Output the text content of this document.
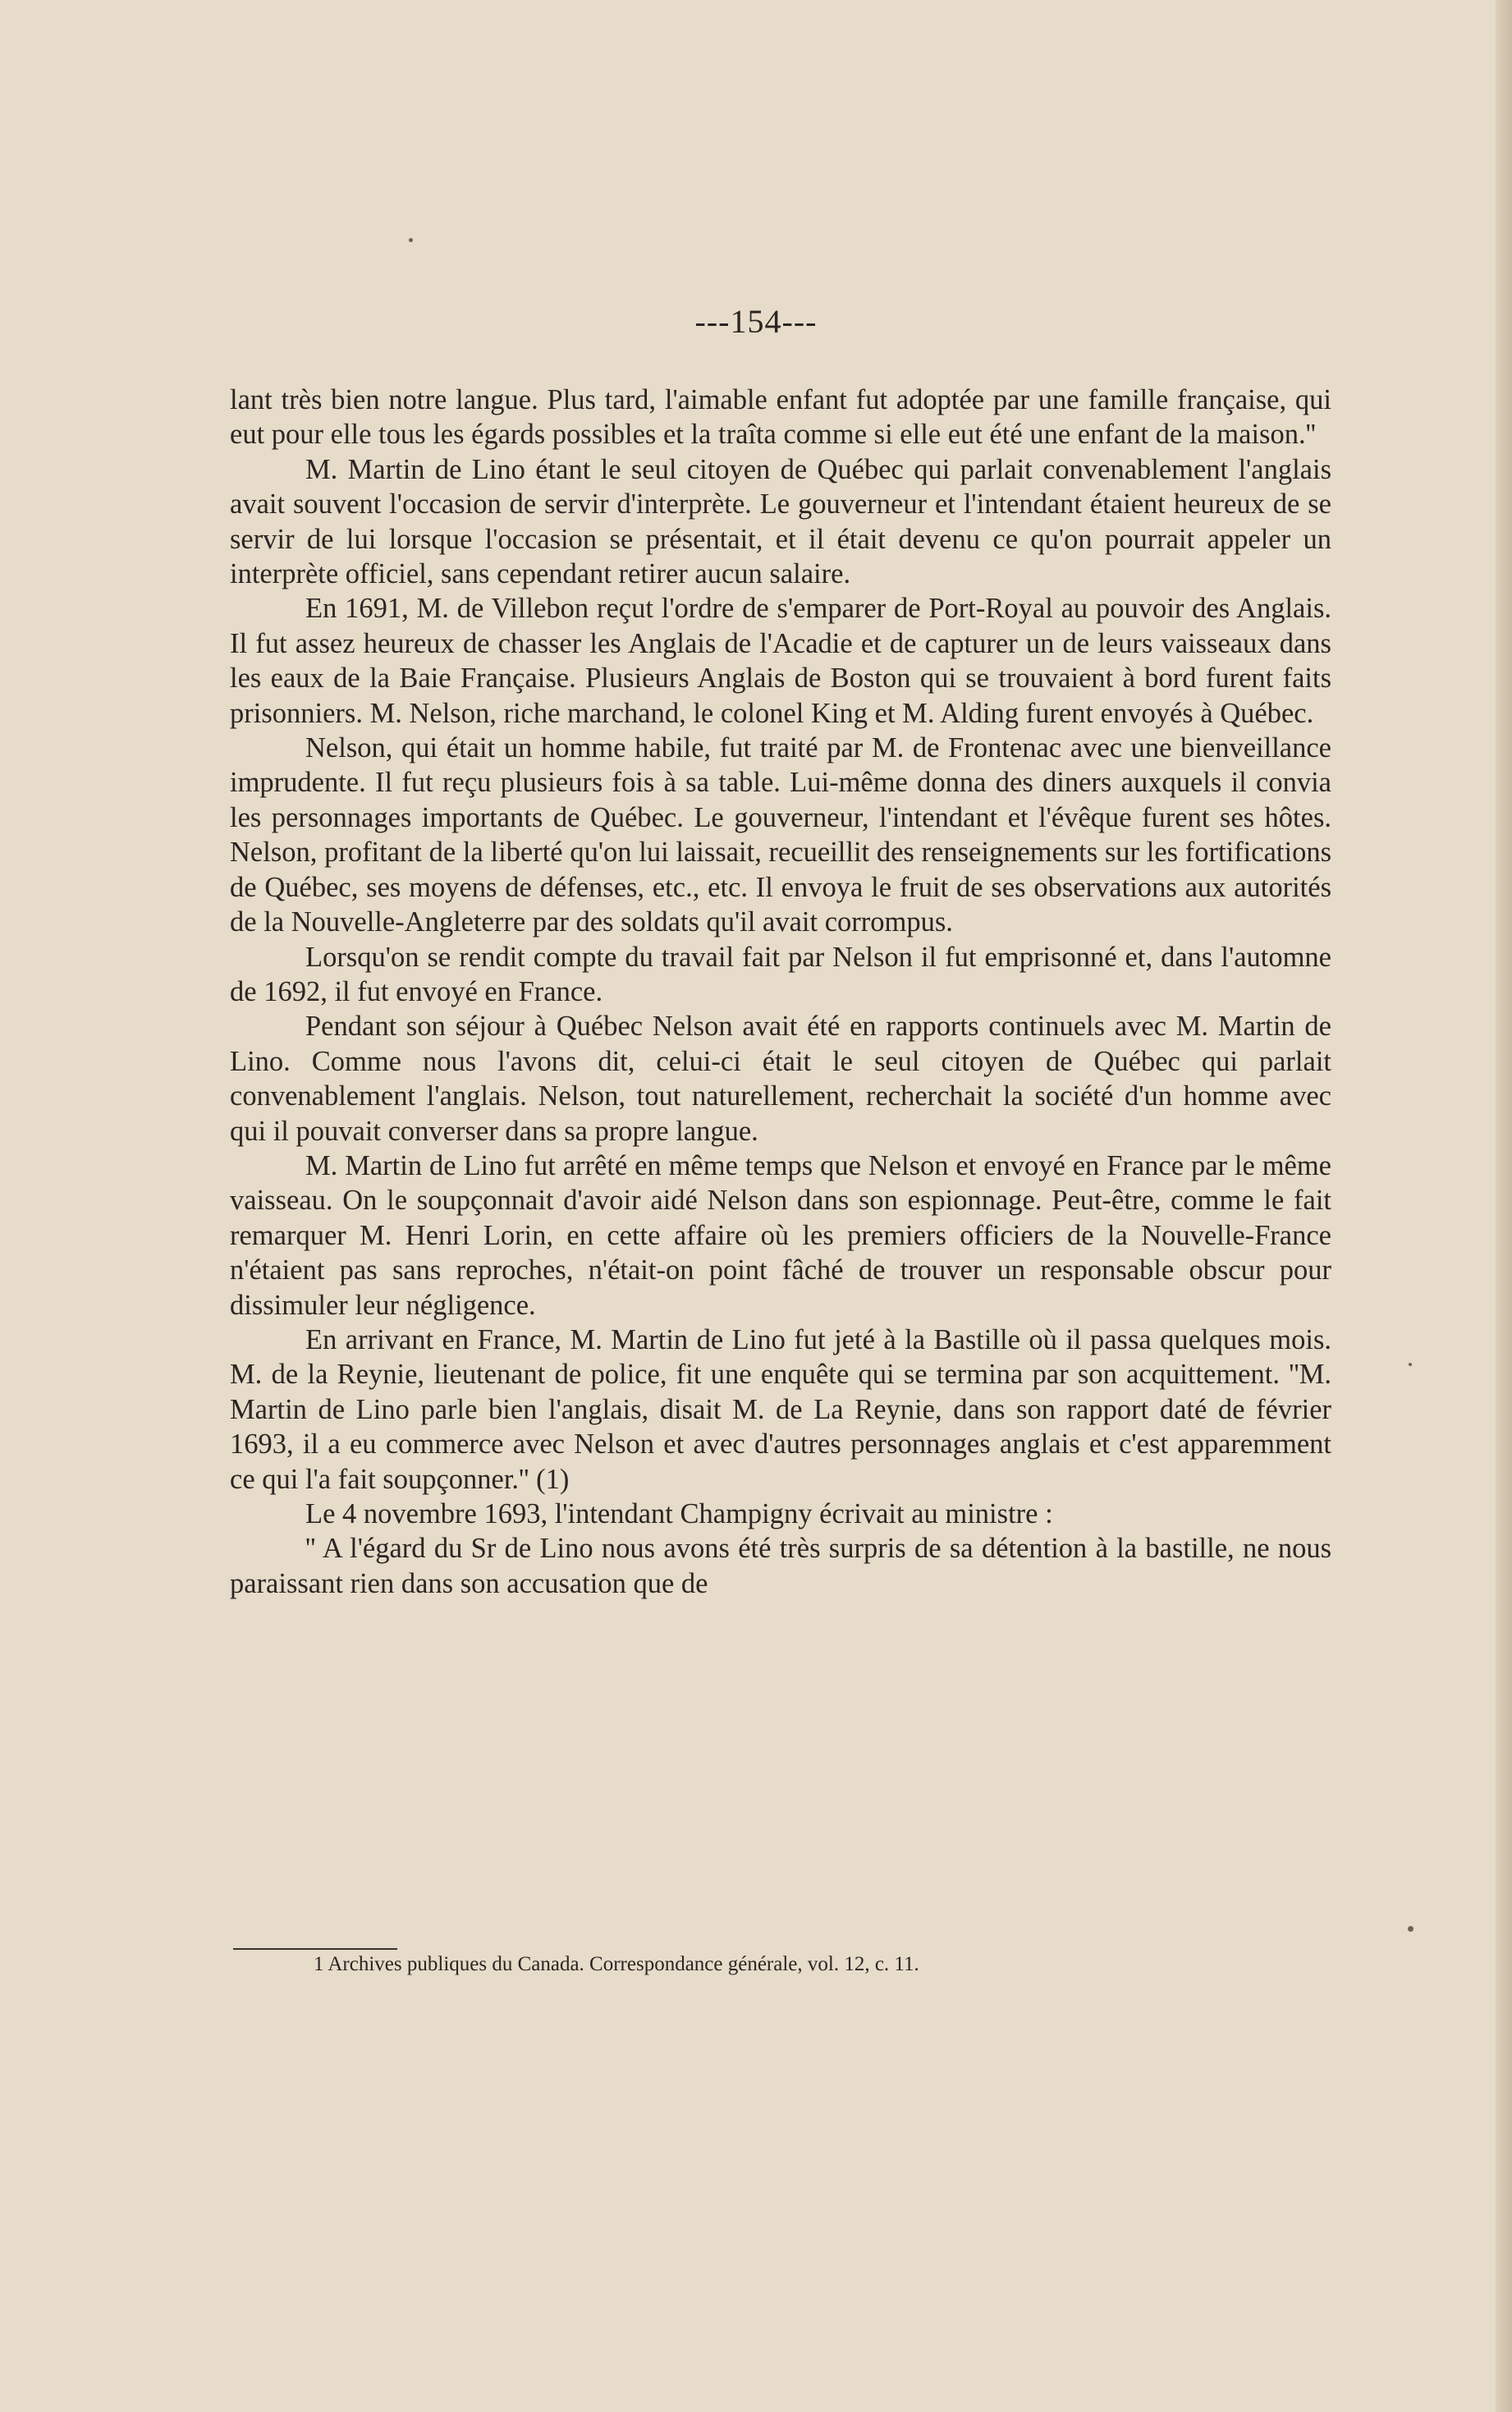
---154---

lant très bien notre langue. Plus tard, l'aimable enfant fut adoptée par une famille française, qui eut pour elle tous les égards possibles et la traîta comme si elle eut été une enfant de la maison.''

M. Martin de Lino étant le seul citoyen de Québec qui parlait convenablement l'anglais avait souvent l'occasion de servir d'interprète. Le gouverneur et l'intendant étaient heureux de se servir de lui lorsque l'occasion se présentait, et il était devenu ce qu'on pourrait appeler un interprète officiel, sans cependant retirer aucun salaire.

En 1691, M. de Villebon reçut l'ordre de s'emparer de Port-Royal au pouvoir des Anglais. Il fut assez heureux de chasser les Anglais de l'Acadie et de capturer un de leurs vaisseaux dans les eaux de la Baie Française. Plusieurs Anglais de Boston qui se trouvaient à bord furent faits prisonniers. M. Nelson, riche marchand, le colonel King et M. Alding furent envoyés à Québec.

Nelson, qui était un homme habile, fut traité par M. de Frontenac avec une bienveillance imprudente. Il fut reçu plusieurs fois à sa table. Lui-même donna des diners auxquels il convia les personnages importants de Québec. Le gouverneur, l'intendant et l'évêque furent ses hôtes. Nelson, profitant de la liberté qu'on lui laissait, recueillit des renseignements sur les fortifications de Québec, ses moyens de défenses, etc., etc. Il envoya le fruit de ses observations aux autorités de la Nouvelle-Angleterre par des soldats qu'il avait corrompus.

Lorsqu'on se rendit compte du travail fait par Nelson il fut emprisonné et, dans l'automne de 1692, il fut envoyé en France.

Pendant son séjour à Québec Nelson avait été en rapports continuels avec M. Martin de Lino. Comme nous l'avons dit, celui-ci était le seul citoyen de Québec qui parlait convenablement l'anglais. Nelson, tout naturellement, recherchait la société d'un homme avec qui il pouvait converser dans sa propre langue.

M. Martin de Lino fut arrêté en même temps que Nelson et envoyé en France par le même vaisseau. On le soupçonnait d'avoir aidé Nelson dans son espionnage. Peut-être, comme le fait remarquer M. Henri Lorin, en cette affaire où les premiers officiers de la Nouvelle-France n'étaient pas sans reproches, n'était-on point fâché de trouver un responsable obscur pour dissimuler leur négligence.

En arrivant en France, M. Martin de Lino fut jeté à la Bastille où il passa quelques mois. M. de la Reynie, lieutenant de police, fit une enquête qui se termina par son acquittement. ''M. Martin de Lino parle bien l'anglais, disait M. de La Reynie, dans son rapport daté de février 1693, il a eu commerce avec Nelson et avec d'autres personnages anglais et c'est apparemment ce qui l'a fait soupçonner.'' (1)

Le 4 novembre 1693, l'intendant Champigny écrivait au ministre :

'' A l'égard du Sr de Lino nous avons été très surpris de sa détention à la bastille, ne nous paraissant rien dans son accusation que de

1 Archives publiques du Canada. Correspondance générale, vol. 12, c. 11.
